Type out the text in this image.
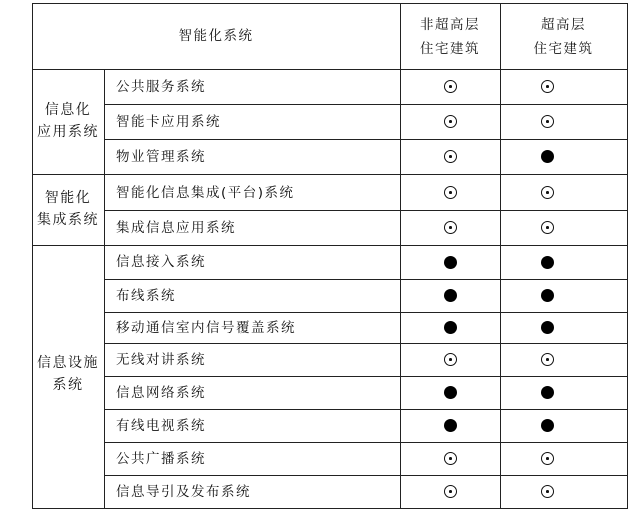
智能化系统
非超高层
住宅建筑
超高层
住宅建筑
信息化
应用系统
智能化
集成系统
信息设施
系统
公共服务系统
智能卡应用系统
物业管理系统
智能化信息集成(平台)系统
集成信息应用系统
信息接入系统
布线系统
移动通信室内信号覆盖系统
无线对讲系统
信息网络系统
有线电视系统
公共广播系统
信息导引及发布系统
